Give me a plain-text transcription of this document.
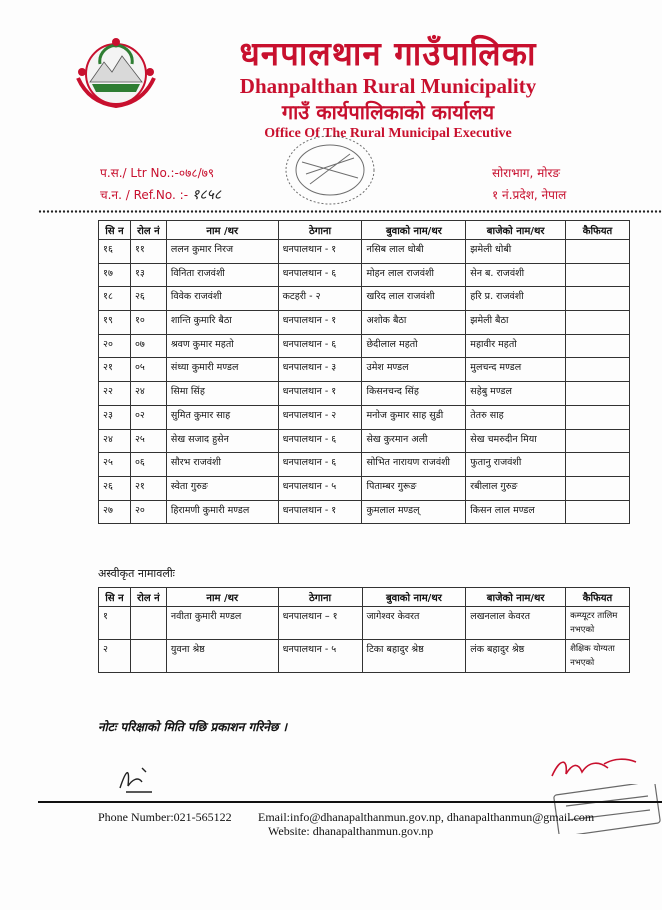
धनपालथान गाउँपालिका
Dhanpalthan Rural Municipality
गाउँ कार्यपालिकाको कार्यालय
Office Of The Rural Municipal Executive
प.स./ Ltr No.:-०७८/७९
च.न. / Ref.No. :- १८५८
सोराभाग, मोरङ
१ नं.प्रदेश, नेपाल
सि न	रोल नं	नाम /थर	ठेगाना	बुवाको नाम/थर	बाजेको नाम/थर	कैफियत
१६	११	ललन कुमार निरज	धनपालथान - १	नसिब लाल धोबी	झमेली धोबी	
१७	१३	विनिता राजवंशी	धनपालथान - ६	मोहन लाल राजवंशी	सेन ब. राजवंशी	
१८	२६	विवेक राजवंशी	कटहरी - २	खरिद लाल राजवंशी	हरि प्र. राजवंशी	
१९	१०	शान्ति कुमारि बैठा	धनपालथान - १	अशोक बैठा	झमेली बैठा	
२०	०७	श्रवण कुमार महतो	धनपालथान - ६	छेदीलाल महतो	महावीर महतो	
२१	०५	संध्या कुमारी मण्डल	धनपालथान - ३	उमेश मण्डल	मुलचन्द मण्डल	
२२	२४	सिमा सिंह	धनपालथान - १	किसनचन्द सिंह	सहेबु मण्डल	
२३	०२	सुमित कुमार साह	धनपालथान - २	मनोज कुमार साह सुडी	तेतरु साह	
२४	२५	सेख सजाद हुसेन	धनपालथान - ६	सेख कुरमान अली	सेख चमरुदीन मिया	
२५	०६	सौरभ राजवंशी	धनपालथान - ६	सोभित नारायण राजवंशी	फुतानु राजवंशी	
२६	२१	स्वेता गुरुङ	धनपालथान - ५	पिताम्बर गुरूङ	रबीलाल गुरुङ	
२७	२०	हिरामणी कुमारी मण्डल	धनपालथान - १	कुमलाल मण्डल्	किसन लाल मण्डल	
अस्वीकृत नामावलीः
सि न	रोल नं	नाम /थर	ठेगाना	बुवाको नाम/थर	बाजेको नाम/थर	कैफियत
१		नवीता कुमारी मण्डल	धनपालथान – १	जागेश्वर केवरत	लखनलाल केवरत	कम्प्यूटर तालिम नभएको
२		युवना श्रेष्ठ	धनपालथान - ५	टिका बहादुर श्रेष्ठ	लंक बहादुर श्रेष्ठ	शैक्षिक योग्यता नभएको
नोटः परिक्षाको मिति पछि प्रकाशन गरिनेछ ।
Phone Number:021-565122 Email:info@dhanapalthanmun.gov.np, dhanapalthanmun@gmail.com
Website: dhanapalthanmun.gov.np
